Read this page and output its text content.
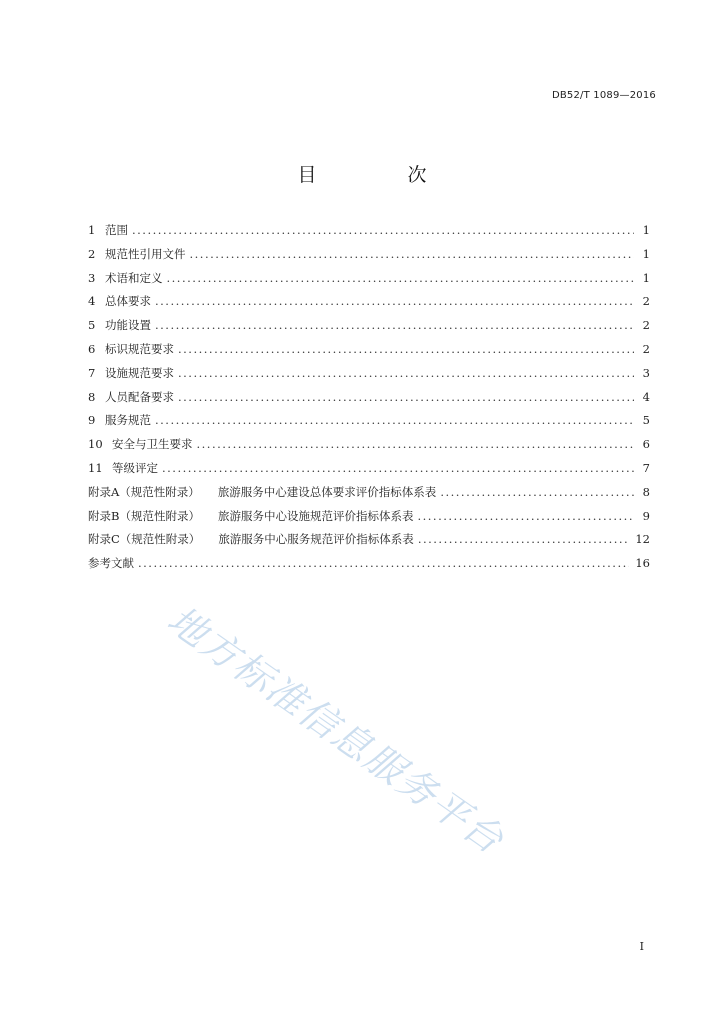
DB52/T 1089—2016
目　次
1 范围 .....	1
2 规范性引用文件 .....	1
3 术语和定义 .....	1
4 总体要求 .....	2
5 功能设置 .....	2
6 标识规范要求 .....	2
7 设施规范要求 .....	3
8 人员配备要求 .....	4
9 服务规范 .....	5
10 安全与卫生要求 .....	6
11 等级评定 .....	7
附录A（规范性附录） 旅游服务中心建设总体要求评价指标体系表 .....	8
附录B（规范性附录） 旅游服务中心设施规范评价指标体系表 .....	9
附录C（规范性附录） 旅游服务中心服务规范评价指标体系表 .....	12
参考文献 .....	16
地方标准信息服务平台
I
